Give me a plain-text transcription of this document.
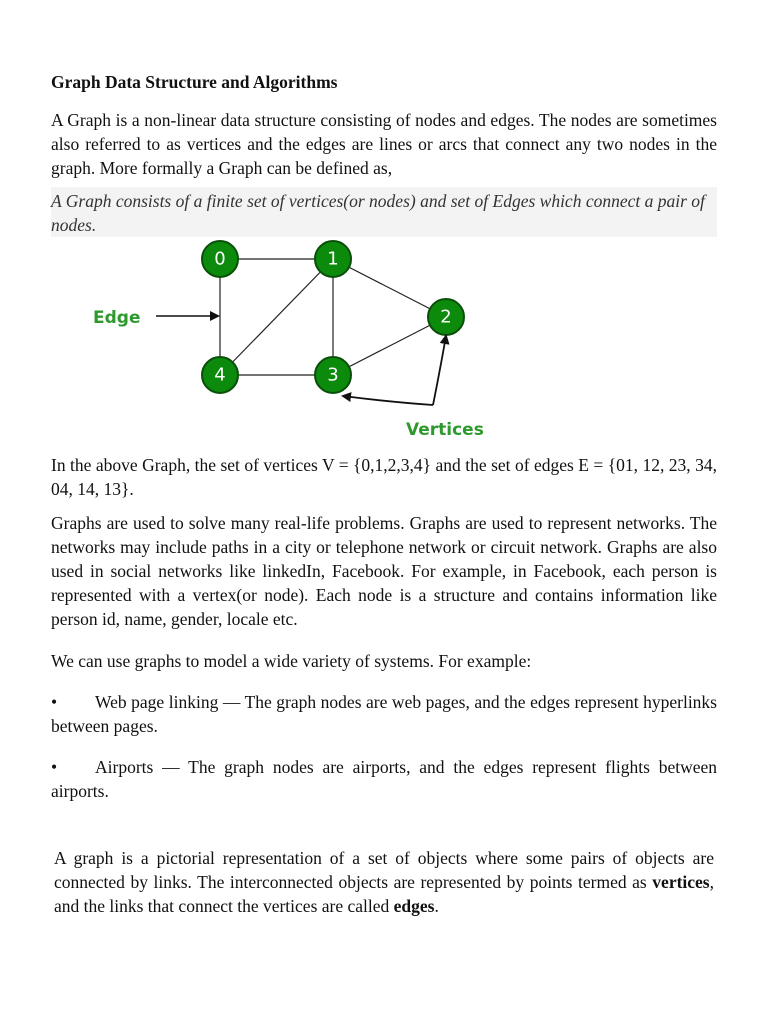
Graph Data Structure and Algorithms
A Graph is a non-linear data structure consisting of nodes and edges. The nodes are sometimes also referred to as vertices and the edges are lines or arcs that connect any two nodes in the graph. More formally a Graph can be defined as,
A Graph consists of a finite set of vertices(or nodes) and set of Edges which connect a pair of nodes.
0	1
2
3
4
Edge
Vertices
In the above Graph, the set of vertices V = {0,1,2,3,4} and the set of edges E = {01, 12, 23, 34, 04, 14, 13}.
Graphs are used to solve many real-life problems. Graphs are used to represent networks. The networks may include paths in a city or telephone network or circuit network. Graphs are also used in social networks like linkedIn, Facebook. For example, in Facebook, each person is represented with a vertex(or node). Each node is a structure and contains information like person id, name, gender, locale etc.
We can use graphs to model a wide variety of systems. For example:
• Web page linking — The graph nodes are web pages, and the edges represent hyperlinks between pages.
• Airports — The graph nodes are airports, and the edges represent flights between airports.
A graph is a pictorial representation of a set of objects where some pairs of objects are connected by links. The interconnected objects are represented by points termed as vertices, and the links that connect the vertices are called edges.
